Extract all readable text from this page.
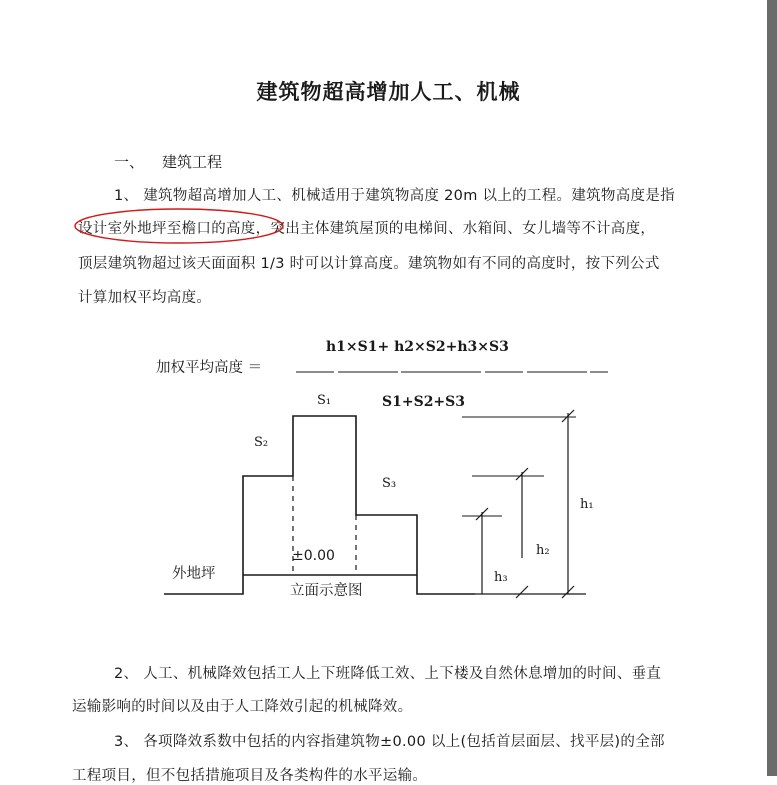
建筑物超高增加人工、机械
一、 建筑工程
1、 建筑物超高增加人工、机械适用于建筑物高度 20m 以上的工程。建筑物高度是指
设计室外地坪至檐口的高度，突出主体建筑屋顶的电梯间、水箱间、女儿墙等不计高度，
顶层建筑物超过该天面面积 1/3 时可以计算高度。建筑物如有不同的高度时，按下列公式
计算加权平均高度。
h1×S1+ h2×S2+h3×S3
加权平均高度 ＝
S1+S2+S3
S₁
S₂
S₃
±0.00
外地坪
立面示意图
h₁
h₂
h₃
2、 人工、机械降效包括工人上下班降低工效、上下楼及自然休息增加的时间、垂直
运输影响的时间以及由于人工降效引起的机械降效。
3、 各项降效系数中包括的内容指建筑物±0.00 以上(包括首层面层、找平层)的全部
工程项目，但不包括措施项目及各类构件的水平运输。
